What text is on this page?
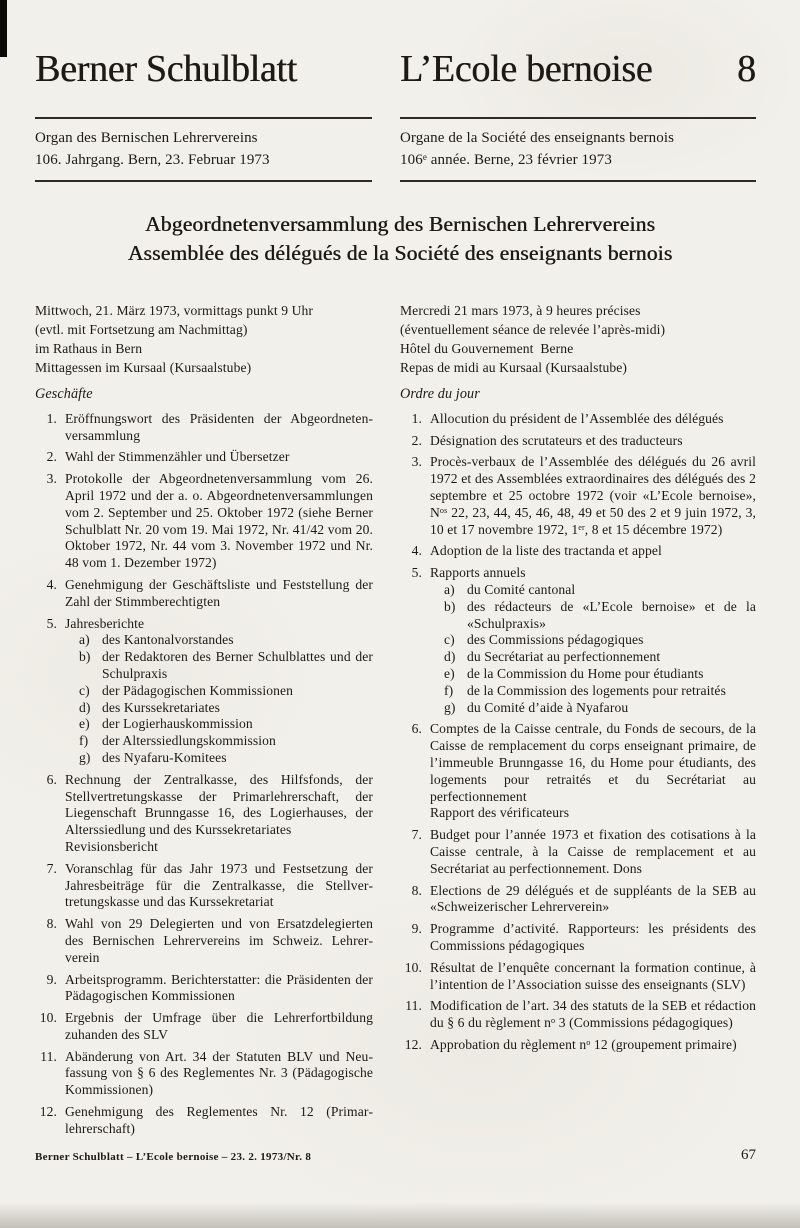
Berner Schulblatt	L’Ecole bernoise	8
Organ des Bernischen Lehrervereins
106. Jahrgang. Bern, 23. Februar 1973
Organe de la Société des enseignants bernois
106e année. Berne, 23 février 1973
Abgeordnetenversammlung des Bernischen Lehrervereins
Assemblée des délégués de la Société des enseignants bernois
Mittwoch, 21. März 1973, vormittags punkt 9 Uhr
(evtl. mit Fortsetzung am Nachmittag)
im Rathaus in Bern
Mittagessen im Kursaal (Kursaalstube)
Geschäfte
1. Eröffnungswort des Präsidenten der Abgeordnetenversammlung
2. Wahl der Stimmenzähler und Übersetzer
3. Protokolle der Abgeordnetenversammlung vom 26. April 1972 und der a. o. Abgeordnetenversammlungen vom 2. September und 25. Oktober 1972 (siehe Berner Schulblatt Nr. 20 vom 19. Mai 1972, Nr. 41/42 vom 20. Oktober 1972, Nr. 44 vom 3. November 1972 und Nr. 48 vom 1. Dezember 1972)
4. Genehmigung der Geschäftsliste und Feststellung der Zahl der Stimmberechtigten
5. Jahresberichte
a) des Kantonalvorstandes
b) der Redaktoren des Berner Schulblattes und der Schulpraxis
c) der Pädagogischen Kommissionen
d) des Kurssekretariates
e) der Logierhauskommission
f)	der Alterssiedlungskommission
g) des Nyafaru-Komitees
6. Rechnung der Zentralkasse, des Hilfsfonds, der Stellvertretungskasse der Primarlehrerschaft, der Liegenschaft Brunngasse 16, des Logierhauses, der Alterssiedlung und des Kurssekretariates
Revisionsbericht
7. Voranschlag für das Jahr 1973 und Festsetzung der Jahresbeiträge für die Zentralkasse, die Stellvertretungskasse und das Kurssekretariat
8. Wahl von 29 Delegierten und von Ersatzdelegierten des Bernischen Lehrervereins im Schweiz. Lehrerverein
9. Arbeitsprogramm. Berichterstatter: die Präsidenten der Pädagogischen Kommissionen
10. Ergebnis der Umfrage über die Lehrerfortbildung zuhanden des SLV
11. Abänderung von Art. 34 der Statuten BLV und Neufassung von § 6 des Reglementes Nr. 3 (Pädagogische Kommissionen)
12. Genehmigung des Reglementes Nr. 12 (Primarlehrerschaft)
Mercredi 21 mars 1973, à 9 heures précises
(éventuellement séance de relevée l’après-midi)
Hôtel du Gouvernement Berne
Repas de midi au Kursaal (Kursaalstube)
Ordre du jour
1. Allocution du président de l’Assemblée des délégués
2. Désignation des scrutateurs et des traducteurs
3. Procès-verbaux de l’Assemblée des délégués du 26 avril 1972 et des Assemblées extraordinaires des délégués des 2 septembre et 25 octobre 1972 (voir «L’Ecole bernoise», $N^{os}$ 22, 23, 44, 45, 46, 48, 49 et 50 des 2 et 9 juin 1972, 3, 10 et 17 novembre 1972, 1er, 8 et 15 décembre 1972)
4. Adoption de la liste des tractanda et appel
5. Rapports annuels
a) du Comité cantonal
b) des rédacteurs de «L’Ecole bernoise» et de la «Schulpraxis»
c) des Commissions pédagogiques
d) du Secrétariat au perfectionnement
e) de la Commission du Home pour étudiants
f)	de la Commission des logements pour retraités
g) du Comité d’aide à Nyafarou
6. Comptes de la Caisse centrale, du Fonds de secours, de la Caisse de remplacement du corps enseignant primaire, de l’immeuble Brunngasse 16, du Home pour étudiants, des logements pour retraités et du Secrétariat au perfectionnement
Rapport des vérificateurs
7. Budget pour l’année 1973 et fixation des cotisations à la Caisse centrale, à la Caisse de remplacement et au Secrétariat au perfectionnement. Dons
8. Elections de 29 délégués et de suppléants de la SEB au «Schweizerischer Lehrerverein»
9. Programme d’activité. Rapporteurs: les présidents des Commissions pédagogiques
10. Résultat de l’enquête concernant la formation continue, à l’intention de l’Association suisse des enseignants (SLV)
11. Modification de l’art. 34 des statuts de la SEB et rédaction du § 6 du règlement $n^o$ 3 (Commissions pédagogiques)
12. Approbation du règlement $n^o$ 12 (groupement primaire)
Berner Schulblatt – L’Ecole bernoise – 23. 2. 1973/Nr. 8	67
